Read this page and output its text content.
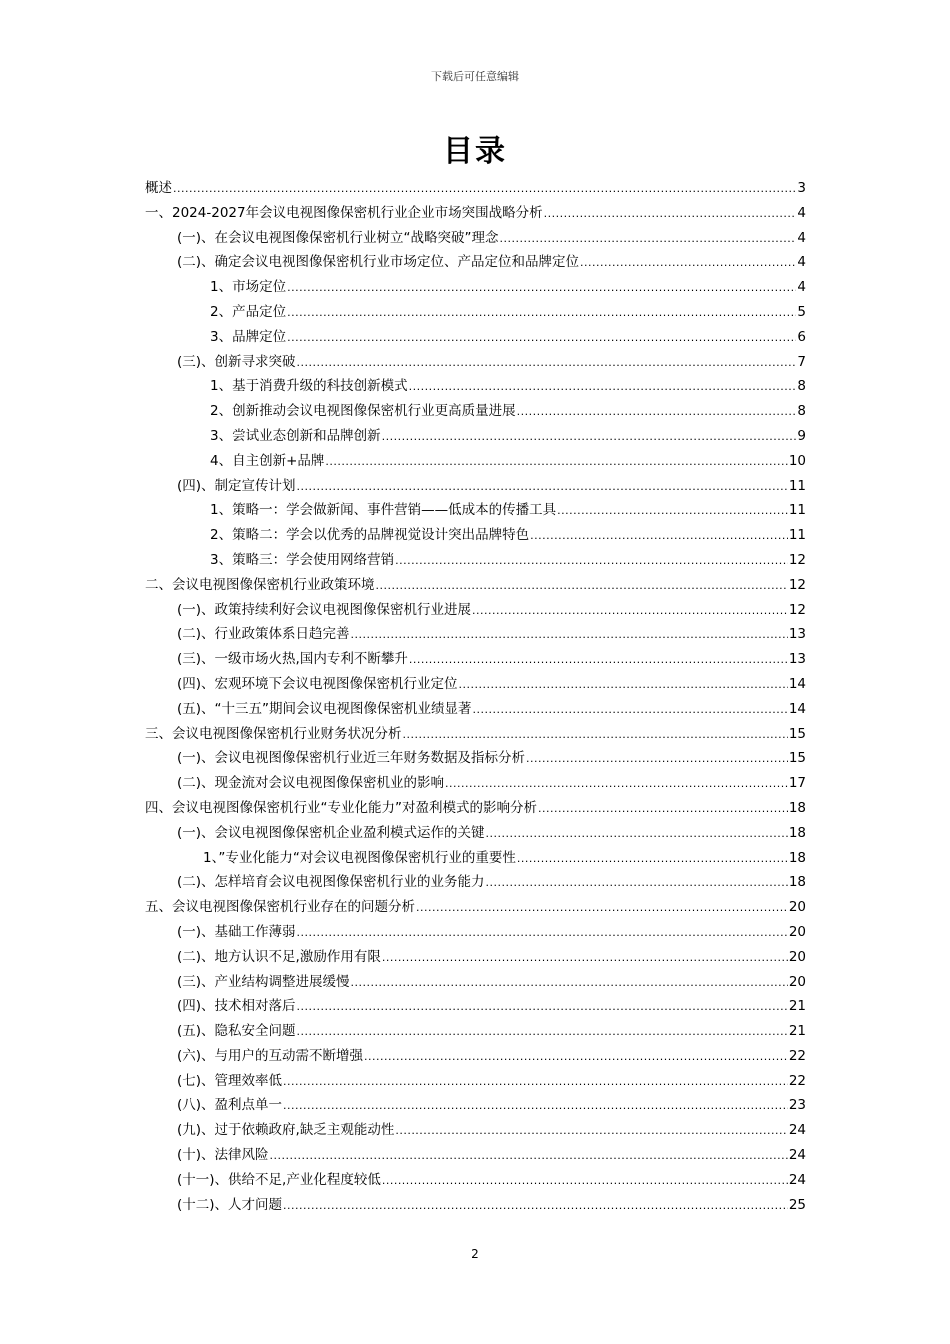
下载后可任意编辑
目录
概述 .....	3
一、2024-2027年会议电视图像保密机行业企业市场突围战略分析 .....	4
(一)、在会议电视图像保密机行业树立“战略突破”理念 .....	4
(二)、确定会议电视图像保密机行业市场定位、产品定位和品牌定位 .....	4
1、市场定位 .....	4
2、产品定位 .....	5
3、品牌定位 .....	6
(三)、创新寻求突破 .....	7
1、基于消费升级的科技创新模式 .....	8
2、创新推动会议电视图像保密机行业更高质量进展 .....	8
3、尝试业态创新和品牌创新 .....	9
4、自主创新+品牌 .....	10
(四)、制定宣传计划 .....	11
1、策略一：学会做新闻、事件营销——低成本的传播工具 .....	11
2、策略二：学会以优秀的品牌视觉设计突出品牌特色 .....	11
3、策略三：学会使用网络营销 .....	12
二、会议电视图像保密机行业政策环境 .....	12
(一)、政策持续利好会议电视图像保密机行业进展 .....	12
(二)、行业政策体系日趋完善 .....	13
(三)、一级市场火热,国内专利不断攀升 .....	13
(四)、宏观环境下会议电视图像保密机行业定位 .....	14
(五)、“十三五”期间会议电视图像保密机业绩显著 .....	14
三、会议电视图像保密机行业财务状况分析 .....	15
(一)、会议电视图像保密机行业近三年财务数据及指标分析 .....	15
(二)、现金流对会议电视图像保密机业的影响 .....	17
四、会议电视图像保密机行业“专业化能力”对盈利模式的影响分析 .....	18
(一)、会议电视图像保密机企业盈利模式运作的关键 .....	18
1、”专业化能力“对会议电视图像保密机行业的重要性 .....	18
(二)、怎样培育会议电视图像保密机行业的业务能力 .....	18
五、会议电视图像保密机行业存在的问题分析 .....	20
(一)、基础工作薄弱 .....	20
(二)、地方认识不足,激励作用有限 .....	20
(三)、产业结构调整进展缓慢 .....	20
(四)、技术相对落后 .....	21
(五)、隐私安全问题 .....	21
(六)、与用户的互动需不断增强 .....	22
(七)、管理效率低 .....	22
(八)、盈利点单一 .....	23
(九)、过于依赖政府,缺乏主观能动性 .....	24
(十)、法律风险 .....	24
(十一)、供给不足,产业化程度较低 .....	24
(十二)、人才问题 .....	25
2
